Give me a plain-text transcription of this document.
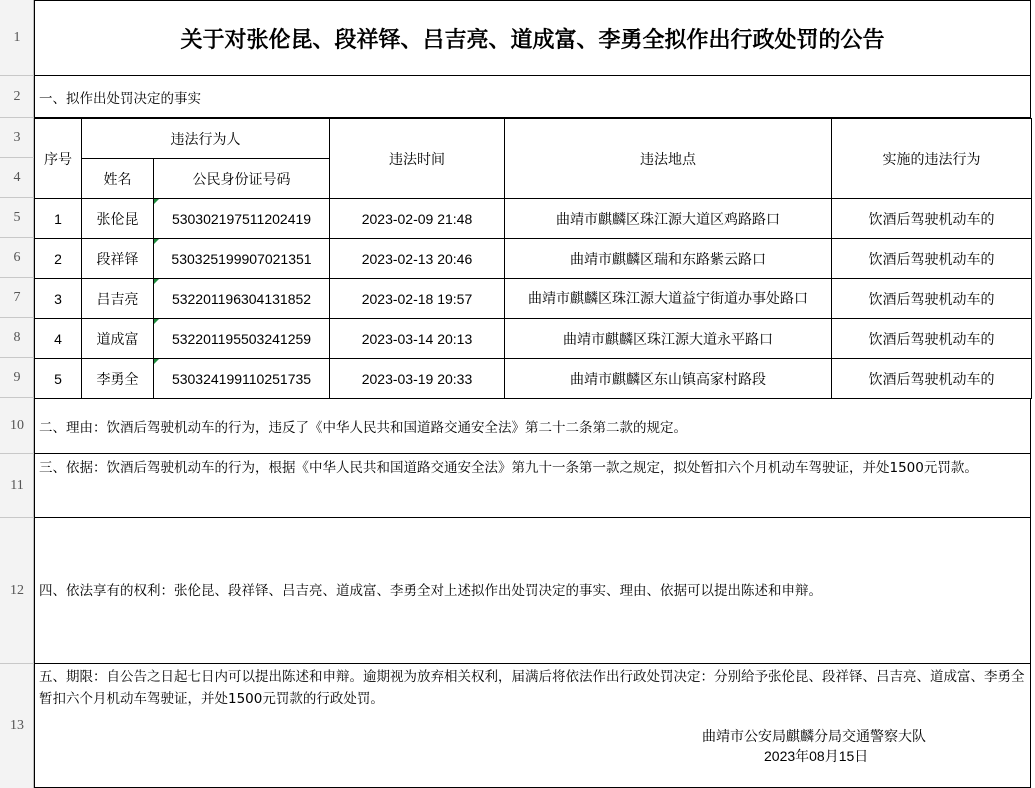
1
2
3
4
5
6
7
8
9
10
11
12
13
关于对张伦昆、段祥铎、吕吉亮、道成富、李勇全拟作出行政处罚的公告
一、拟作出处罚决定的事实
序号	违法行为人		违法时间	违法地点	实施的违法行为
	姓名	公民身份证号码			
1	张伦昆	530302197511202419	2023-02-09 21:48	曲靖市麒麟区珠江源大道区鸡路路口	饮酒后驾驶机动车的
2	段祥铎	530325199907021351	2023-02-13 20:46	曲靖市麒麟区瑞和东路紫云路口	饮酒后驾驶机动车的
3	吕吉亮	532201196304131852	2023-02-18 19:57	曲靖市麒麟区珠江源大道益宁街道办事处路口	饮酒后驾驶机动车的
4	道成富	532201195503241259	2023-03-14 20:13	曲靖市麒麟区珠江源大道永平路口	饮酒后驾驶机动车的
5	李勇全	530324199110251735	2023-03-19 20:33	曲靖市麒麟区东山镇高家村路段	饮酒后驾驶机动车的
二、理由：饮酒后驾驶机动车的行为，违反了《中华人民共和国道路交通安全法》第二十二条第二款的规定。
三、依据：饮酒后驾驶机动车的行为，根据《中华人民共和国道路交通安全法》第九十一条第一款之规定，拟处暂扣六个月机动车驾驶证，并处1500元罚款。
四、依法享有的权利：张伦昆、段祥铎、吕吉亮、道成富、李勇全对上述拟作出处罚决定的事实、理由、依据可以提出陈述和申辩。
五、期限：自公告之日起七日内可以提出陈述和申辩。逾期视为放弃相关权利，届满后将依法作出行政处罚决定：分别给予张伦昆、段祥铎、吕吉亮、道成富、李勇全暂扣六个月机动车驾驶证，并处1500元罚款的行政处罚。
曲靖市公安局麒麟分局交通警察大队
2023年08月15日
